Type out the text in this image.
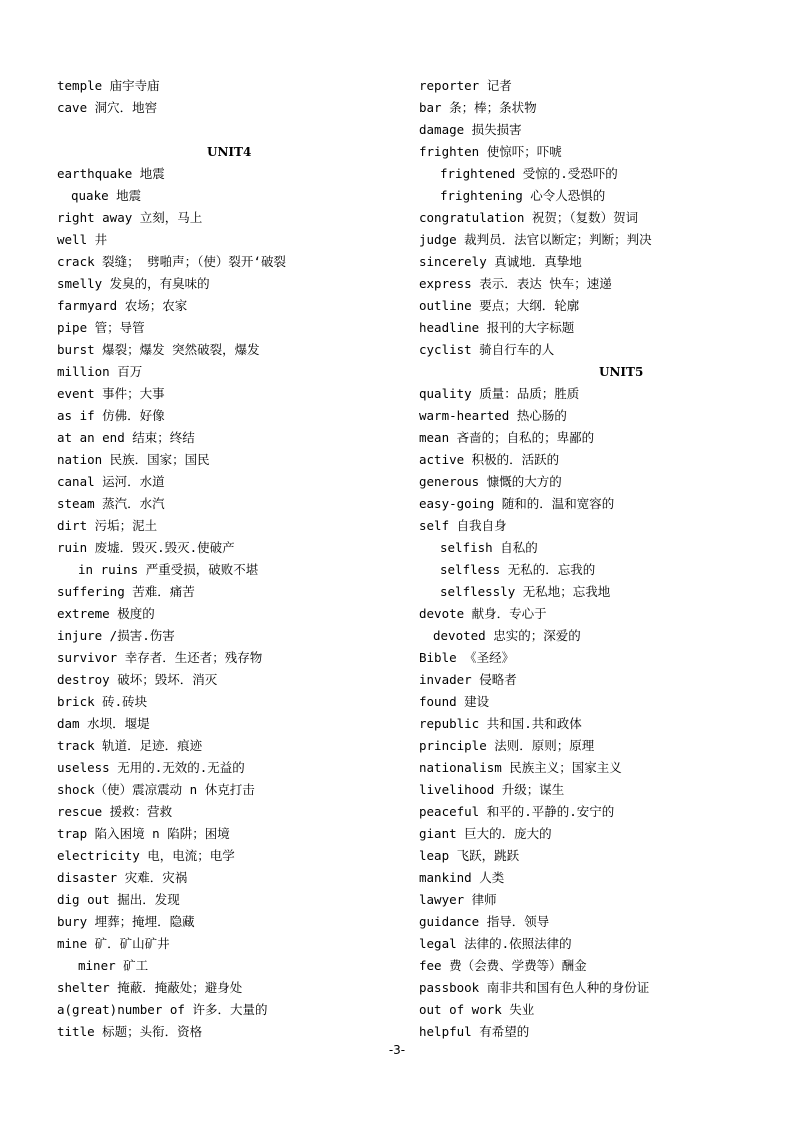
temple 庙宇寺庙
cave 洞穴．地窖
UNIT4
earthquake 地震
quake 地震
right away 立刻，马上
well 井
crack 裂缝； 劈啪声；（使）裂开‘破裂
smelly 发臭的，有臭味的
farmyard 农场；农家
pipe 管；导管
burst 爆裂；爆发 突然破裂，爆发
million 百万
event 事件；大事
as if 仿佛．好像
at an end 结束；终结
nation 民族．国家；国民
canal 运河．水道
steam 蒸汽．水汽
dirt 污垢；泥土
ruin 废墟．毁灭.毁灭.使破产
in ruins 严重受损，破败不堪
suffering 苦难．痛苦
extreme 极度的
injure /损害.伤害
survivor 幸存者．生还者；残存物
destroy 破坏；毁坏．消灭
brick 砖.砖块
dam 水坝．堰堤
track 轨道．足迹．痕迹
useless 无用的.无效的.无益的
shock（使）震凉震动 n 休克打击
rescue 援救：营救
trap 陷入困境 n 陷阱；困境
electricity 电，电流；电学
disaster 灾难．灾祸
dig out 掘出．发现
bury 埋葬；掩埋．隐藏
mine 矿．矿山矿井
miner 矿工
shelter 掩蔽．掩蔽处；避身处
a(great)number of 许多．大量的
title 标题；头衔．资格
reporter 记者
bar 条；棒；条状物
damage 损失损害
frighten 使惊吓；吓唬
frightened 受惊的.受恐吓的
frightening 心令人恐惧的
congratulation 祝贺；（复数）贺词
judge 裁判员．法官以断定；判断；判决
sincerely 真诚地．真挚地
express 表示．表达 快车；速递
outline 要点；大纲．轮廓
headline 报刊的大字标题
cyclist 骑自行车的人
UNIT5
quality 质量：品质；胜质
warm-hearted 热心肠的
mean 吝啬的；自私的；卑鄙的
active 积极的．活跃的
generous 慷慨的大方的
easy-going 随和的．温和宽容的
self 自我自身
selfish 自私的
selfless 无私的．忘我的
selflessly 无私地；忘我地
devote 献身．专心于
devoted 忠实的；深爱的
Bible 《圣经》
invader 侵略者
found 建设
republic 共和国.共和政体
principle 法则．原则；原理
nationalism 民族主义；国家主义
livelihood 升级；谋生
peaceful 和平的.平静的.安宁的
giant 巨大的．庞大的
leap 飞跃，跳跃
mankind 人类
lawyer 律师
guidance 指导．领导
legal 法律的.依照法律的
fee 费（会费、学费等）酬金
passbook 南非共和国有色人种的身份证
out of work 失业
helpful 有希望的
-3-
